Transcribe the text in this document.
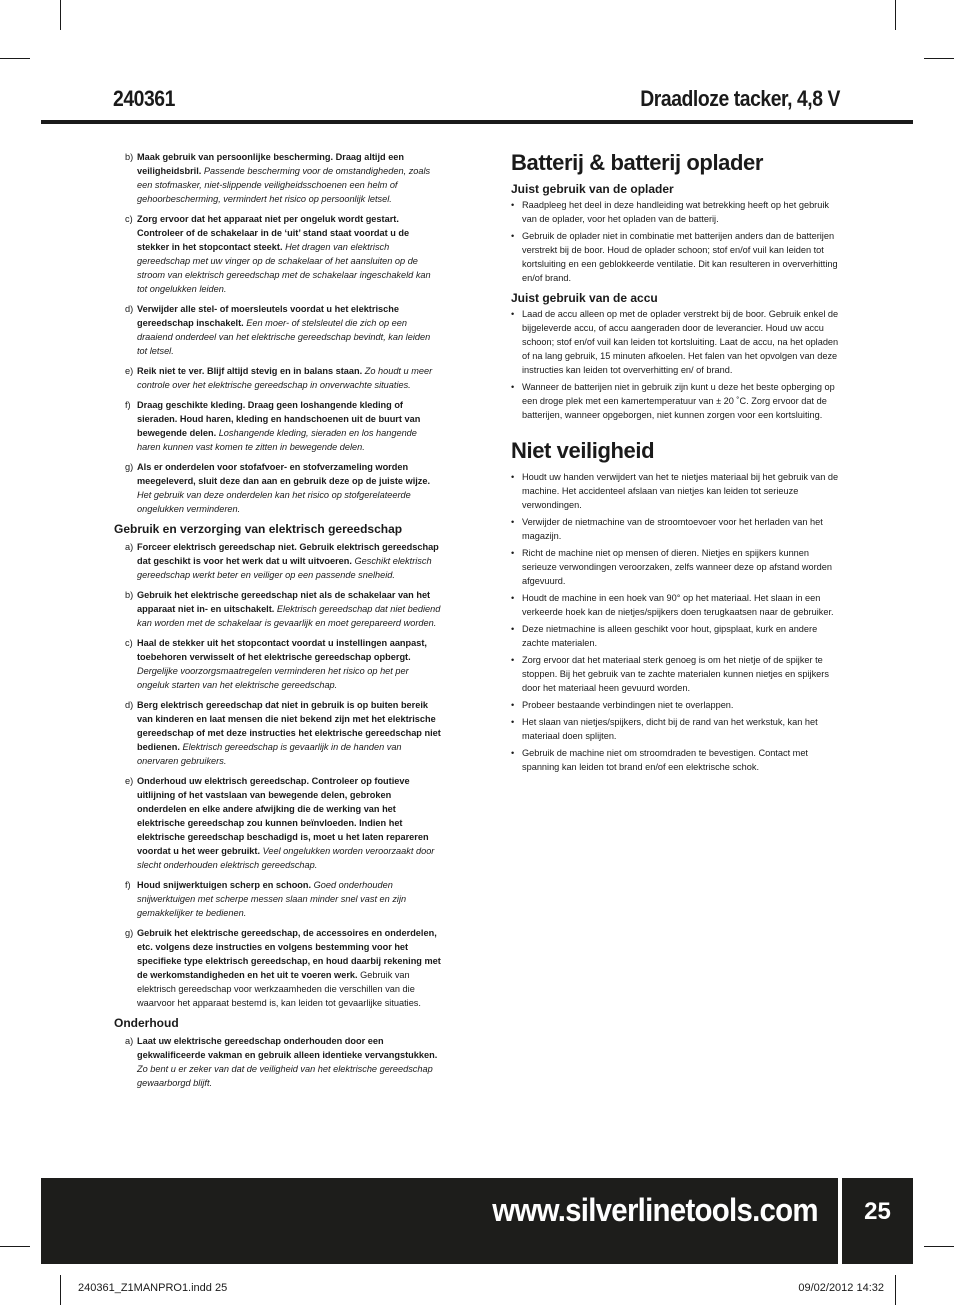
240361	Draadloze tacker, 4,8 V
b) Maak gebruik van persoonlijke bescherming. Draag altijd een veiligheidsbril. Passende bescherming voor de omstandigheden, zoals een stofmasker, niet-slippende veiligheidsschoenen een helm of gehoorbescherming, vermindert het risico op persoonlijk letsel.
c) Zorg ervoor dat het apparaat niet per ongeluk wordt gestart. Controleer of de schakelaar in de ‘uit’ stand staat voordat u de stekker in het stopcontact steekt. Het dragen van elektrisch gereedschap met uw vinger op de schakelaar of het aansluiten op de stroom van elektrisch gereedschap met de schakelaar ingeschakeld kan tot ongelukken leiden.
d) Verwijder alle stel- of moersleutels voordat u het elektrische gereedschap inschakelt. Een moer- of stelsleutel die zich op een draaiend onderdeel van het elektrische gereedschap bevindt, kan leiden tot letsel.
e) Reik niet te ver. Blijf altijd stevig en in balans staan. Zo houdt u meer controle over het elektrische gereedschap in onverwachte situaties.
f) Draag geschikte kleding. Draag geen loshangende kleding of sieraden. Houd haren, kleding en handschoenen uit de buurt van bewegende delen. Loshangende kleding, sieraden en los hangende haren kunnen vast komen te zitten in bewegende delen.
g) Als er onderdelen voor stofafvoer- en stofverzameling worden meegeleverd, sluit deze dan aan en gebruik deze op de juiste wijze. Het gebruik van deze onderdelen kan het risico op stofgerelateerde ongelukken verminderen.
Gebruik en verzorging van elektrisch gereedschap
a) Forceer elektrisch gereedschap niet. Gebruik elektrisch gereedschap dat geschikt is voor het werk dat u wilt uitvoeren. Geschikt elektrisch gereedschap werkt beter en veiliger op een passende snelheid.
b) Gebruik het elektrische gereedschap niet als de schakelaar van het apparaat niet in- en uitschakelt. Elektrisch gereedschap dat niet bediend kan worden met de schakelaar is gevaarlijk en moet gerepareerd worden.
c) Haal de stekker uit het stopcontact voordat u instellingen aanpast, toebehoren verwisselt of het elektrische gereedschap opbergt. Dergelijke voorzorgsmaatregelen verminderen het risico op het per ongeluk starten van het elektrische gereedschap.
d) Berg elektrisch gereedschap dat niet in gebruik is op buiten bereik van kinderen en laat mensen die niet bekend zijn met het elektrische gereedschap of met deze instructies het elektrische gereedschap niet bedienen. Elektrisch gereedschap is gevaarlijk in de handen van onervaren gebruikers.
e) Onderhoud uw elektrisch gereedschap. Controleer op foutieve uitlijning of het vastslaan van bewegende delen, gebroken onderdelen en elke andere afwijking die de werking van het elektrische gereedschap zou kunnen beïnvloeden. Indien het elektrische gereedschap beschadigd is, moet u het laten repareren voordat u het weer gebruikt. Veel ongelukken worden veroorzaakt door slecht onderhouden elektrisch gereedschap.
f) Houd snijwerktuigen scherp en schoon. Goed onderhouden snijwerktuigen met scherpe messen slaan minder snel vast en zijn gemakkelijker te bedienen.
g) Gebruik het elektrische gereedschap, de accessoires en onderdelen, etc. volgens deze instructies en volgens bestemming voor het specifieke type elektrisch gereedschap, en houd daarbij rekening met de werkomstandigheden en het uit te voeren werk. Gebruik van elektrisch gereedschap voor werkzaamheden die verschillen van die waarvoor het apparaat bestemd is, kan leiden tot gevaarlijke situaties.
Onderhoud
a) Laat uw elektrische gereedschap onderhouden door een gekwalificeerde vakman en gebruik alleen identieke vervangstukken. Zo bent u er zeker van dat de veiligheid van het elektrische gereedschap gewaarborgd blijft.
Batterij & batterij oplader
Juist gebruik van de oplader
• Raadpleeg het deel in deze handleiding wat betrekking heeft op het gebruik van de oplader, voor het opladen van de batterij.
• Gebruik de oplader niet in combinatie met batterijen anders dan de batterijen verstrekt bij de boor. Houd de oplader schoon; stof en/of vuil kan leiden tot kortsluiting en een geblokkeerde ventilatie. Dit kan resulteren in oververhitting en/of brand.
Juist gebruik van de accu
• Laad de accu alleen op met de oplader verstrekt bij de boor. Gebruik enkel de bijgeleverde accu, of accu aangeraden door de leverancier. Houd uw accu schoon; stof en/of vuil kan leiden tot kortsluiting. Laat de accu, na het opladen of na lang gebruik, 15 minuten afkoelen. Het falen van het opvolgen van deze instructies kan leiden tot oververhitting en/ of brand.
• Wanneer de batterijen niet in gebruik zijn kunt u deze het beste opberging op een droge plek met een kamertemperatuur van ± 20 ˚C. Zorg ervoor dat de batterijen, wanneer opgeborgen, niet kunnen zorgen voor een kortsluiting.
Niet veiligheid
• Houdt uw handen verwijdert van het te nietjes materiaal bij het gebruik van de machine. Het accidenteel afslaan van nietjes kan leiden tot serieuze verwondingen.
• Verwijder de nietmachine van de stroomtoevoer voor het herladen van het magazijn.
• Richt de machine niet op mensen of dieren. Nietjes en spijkers kunnen serieuze verwondingen veroorzaken, zelfs wanneer deze op afstand worden afgevuurd.
• Houdt de machine in een hoek van 90° op het materiaal. Het slaan in een verkeerde hoek kan de nietjes/spijkers doen terugkaatsen naar de gebruiker.
• Deze nietmachine is alleen geschikt voor hout, gipsplaat, kurk en andere zachte materialen.
• Zorg ervoor dat het materiaal sterk genoeg is om het nietje of de spijker te stoppen. Bij het gebruik van te zachte materialen kunnen nietjes en spijkers door het materiaal heen gevuurd worden.
• Probeer bestaande verbindingen niet te overlappen.
• Het slaan van nietjes/spijkers, dicht bij de rand van het werkstuk, kan het materiaal doen splijten.
• Gebruik de machine niet om stroomdraden te bevestigen. Contact met spanning kan leiden tot brand en/of een elektrische schok.
www.silverlinetools.com	25
240361_Z1MANPRO1.indd 25	09/02/2012 14:32
